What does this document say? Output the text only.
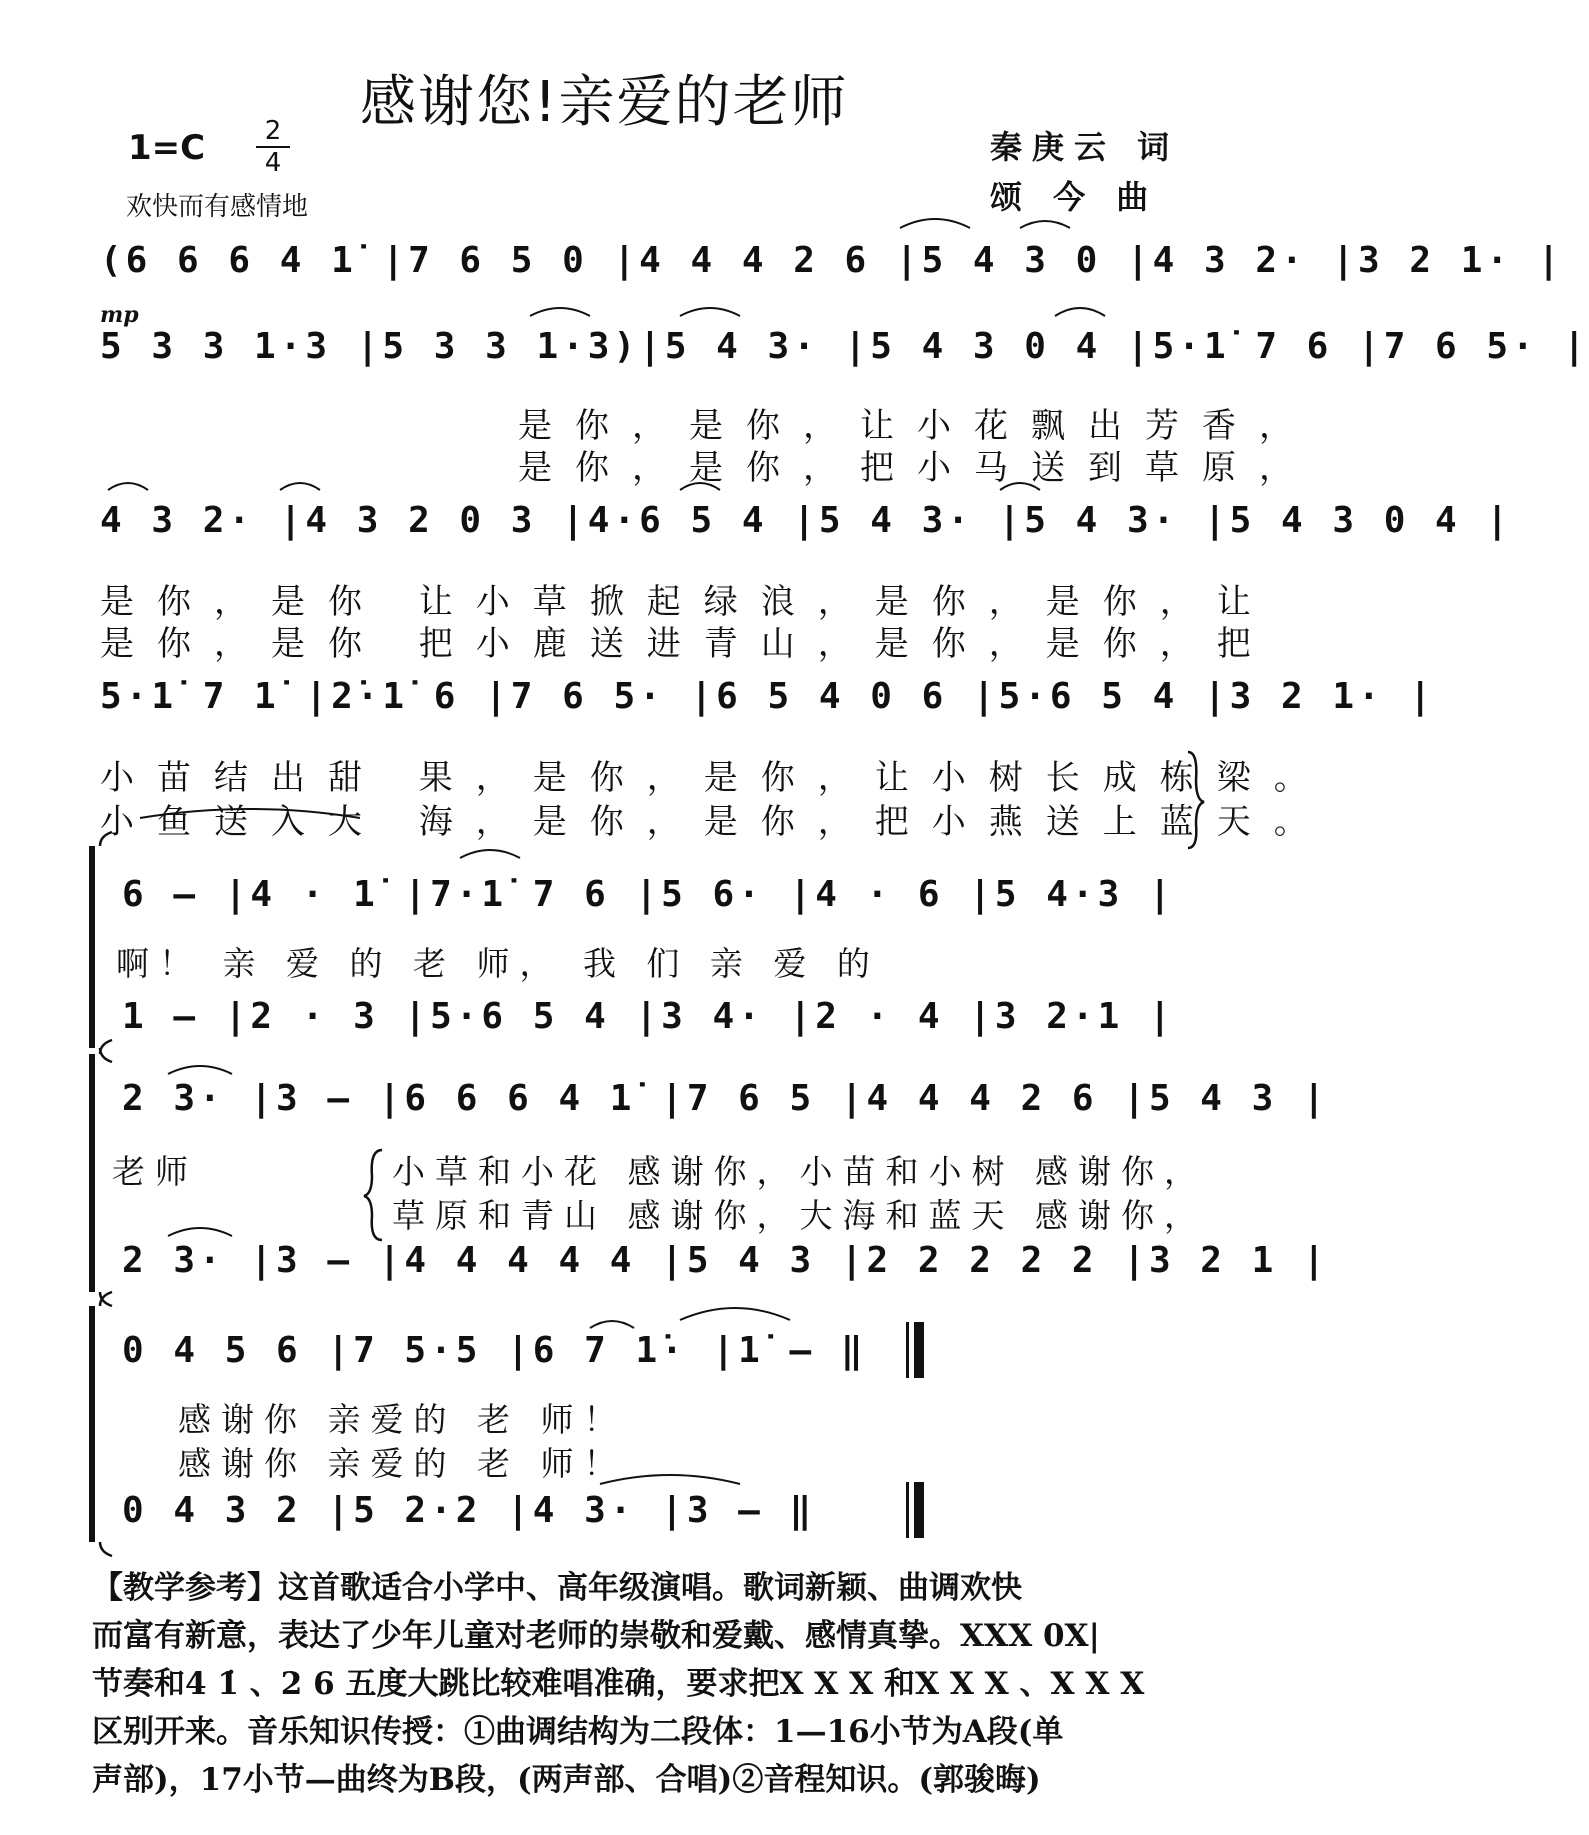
感谢您!亲爱的老师
$1=C \frac{2}{4}$
欢快而有感情地
秦庚云 词
颂 今 曲
(6 6 6 4 1̇ |7 6 5 0 |4 4 4 2 6 |5 4 3 0 |4 3 2· |3 2 1· |
mp
5 3 3 1·3 |5 3 3 1·3)|5 4 3· |5 4 3 0 4 |5·1̇ 7 6 |7 6 5· |
是你，是你，让小花飘出芳香，
是你，是你，把小马送到草原，
4 3 2· |4 3 2 0 3 |4·6 5 4 |5 4 3· |5 4 3· |5 4 3 0 4 |
是你，是你 让小草掀起绿浪，是你，是你，让
是你，是你 把小鹿送进青山，是你，是你，把
5·1̇ 7 1̇ |2̇·1̇ 6 |7 6 5· |6 5 4 0 6 |5·6 5 4 |3 2 1· |
小苗结出甜 果，是你，是你，让小树长成栋梁。
小鱼送入大 海，是你，是你，把小燕送上蓝天。
6 – |4 · 1̇ |7·1̇ 7 6 |5 6· |4 · 6 |5 4·3 |
啊！ 亲 爱 的 老 师， 我 们 亲 爱 的
1 – |2 · 3 |5·6 5 4 |3 4· |2 · 4 |3 2·1 |
2 3· |3 – |6 6 6 4 1̇ |7 6 5 |4 4 4 2 6 |5 4 3 |
老师	小草和小花 感谢你，小苗和小树 感谢你，
草原和青山 感谢你，大海和蓝天 感谢你，
2 3· |3 – |4 4 4 4 4 |5 4 3 |2 2 2 2 2 |3 2 1 |
0 4 5 6 |7 5·5 |6 7 1̇· |1̇ – ‖
感谢你 亲爱的 老 师！
感谢你 亲爱的 老 师！
0 4 3 2 |5 2·2 |4 3· |3 – ‖

【教学参考】这首歌适合小学中、高年级演唱。歌词新颖、曲调欢快

而富有新意，表达了少年儿童对老师的崇敬和爱戴、感情真挚。XXX 0X|

节奏和4 1̇ 、2 6 五度大跳比较难唱准确，要求把X X X 和X X X 、X X X

区别开来。音乐知识传授：①曲调结构为二段体：1—16小节为A段(单

声部)，17小节—曲终为B段，(两声部、合唱)②音程知识。(郭骏晦)
